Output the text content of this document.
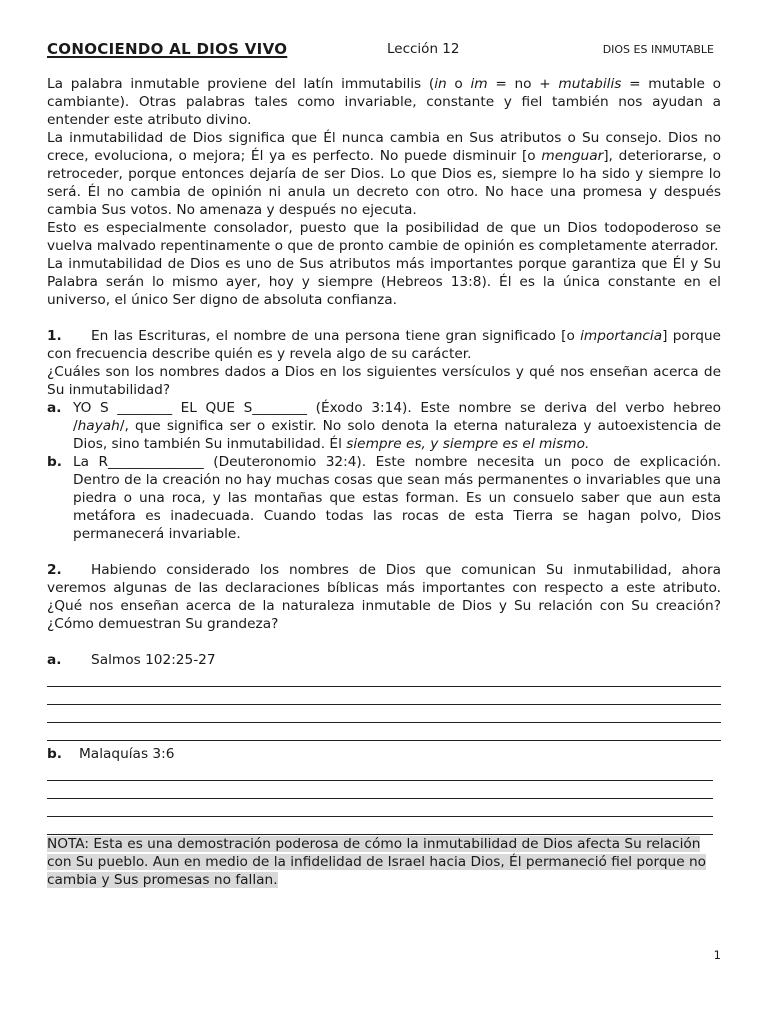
CONOCIENDO AL DIOS VIVO	Lección 12	DIOS ES INMUTABLE

La palabra inmutable proviene del latín immutabilis (in o im = no + mutabilis = mutable o cambiante). Otras palabras tales como invariable, constante y fiel también nos ayudan a entender este atributo divino.

La inmutabilidad de Dios significa que Él nunca cambia en Sus atributos o Su consejo. Dios no crece, evoluciona, o mejora; Él ya es perfecto. No puede disminuir [o menguar], deteriorarse, o retroceder, porque entonces dejaría de ser Dios. Lo que Dios es, siempre lo ha sido y siempre lo será. Él no cambia de opinión ni anula un decreto con otro. No hace una promesa y después cambia Sus votos. No amenaza y después no ejecuta.

Esto es especialmente consolador, puesto que la posibilidad de que un Dios todopoderoso se vuelva malvado repentinamente o que de pronto cambie de opinión es completamente aterrador.

La inmutabilidad de Dios es uno de Sus atributos más importantes porque garantiza que Él y Su Palabra serán lo mismo ayer, hoy y siempre (Hebreos 13:8). Él es la única constante en el universo, el único Ser digno de absoluta confianza.

1. En las Escrituras, el nombre de una persona tiene gran significado [o importancia] porque con frecuencia describe quién es y revela algo de su carácter.

¿Cuáles son los nombres dados a Dios en los siguientes versículos y qué nos enseñan acerca de Su inmutabilidad?

a. YO S ________ EL QUE S________ (Éxodo 3:14). Este nombre se deriva del verbo hebreo /hayah/, que significa ser o existir. No solo denota la eterna naturaleza y autoexistencia de Dios, sino también Su inmutabilidad. Él siempre es, y siempre es el mismo.

b. La R______________ (Deuteronomio 32:4). Este nombre necesita un poco de explicación. Dentro de la creación no hay muchas cosas que sean más permanentes o invariables que una piedra o una roca, y las montañas que estas forman. Es un consuelo saber que aun esta metáfora es inadecuada. Cuando todas las rocas de esta Tierra se hagan polvo, Dios permanecerá invariable.

2. Habiendo considerado los nombres de Dios que comunican Su inmutabilidad, ahora veremos algunas de las declaraciones bíblicas más importantes con respecto a este atributo. ¿Qué nos enseñan acerca de la naturaleza inmutable de Dios y Su relación con Su creación? ¿Cómo demuestran Su grandeza?

a.	Salmos 102:25-27
b.	Malaquías 3:6

NOTA: Esta es una demostración poderosa de cómo la inmutabilidad de Dios afecta Su relación con Su pueblo. Aun en medio de la infidelidad de Israel hacia Dios, Él permaneció fiel porque no cambia y Sus promesas no fallan.

1
